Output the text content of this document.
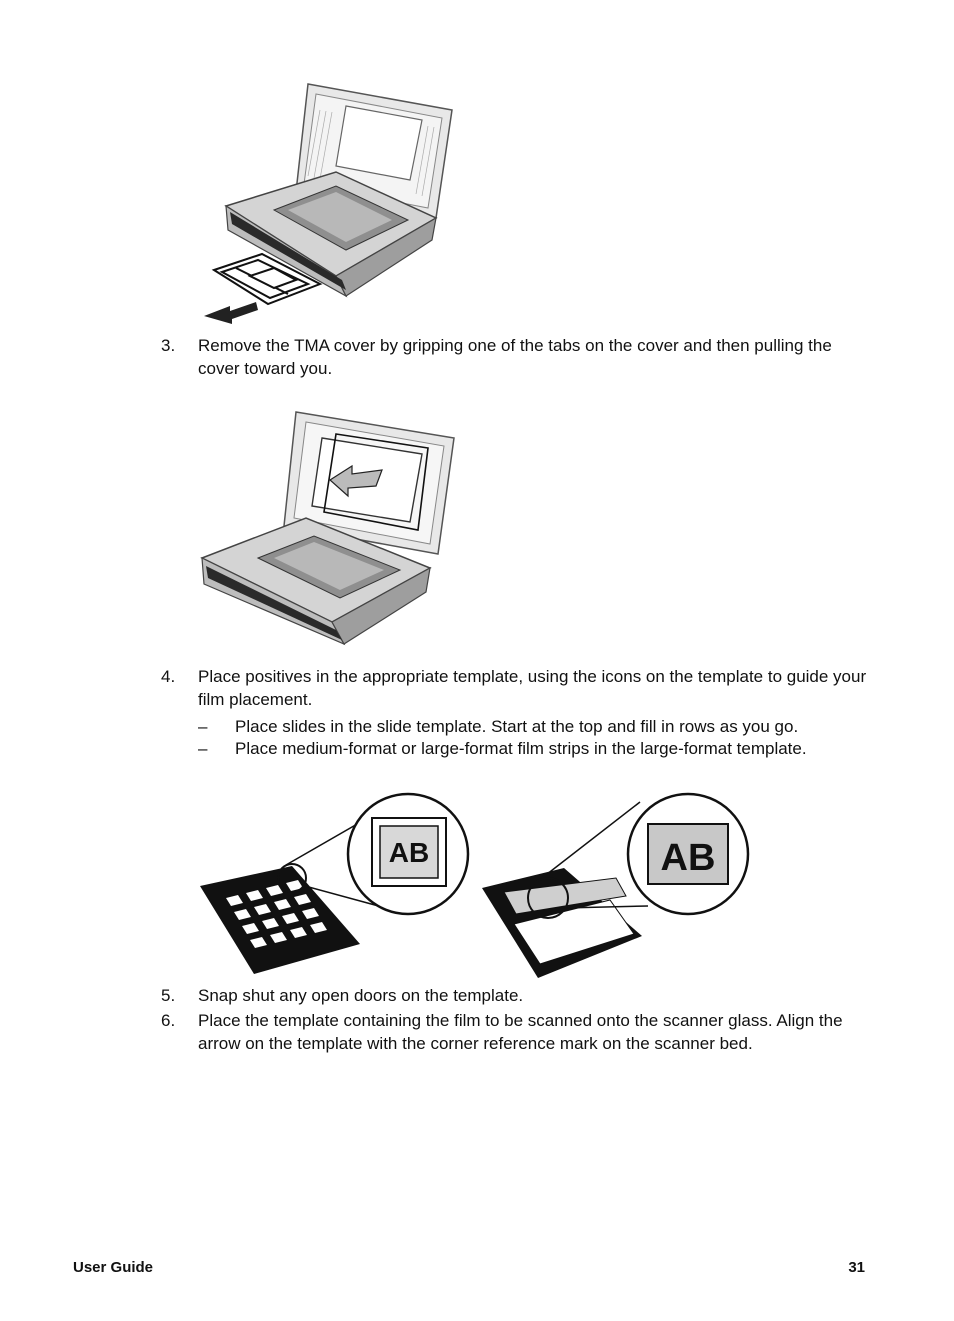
3. Remove the TMA cover by gripping one of the tabs on the cover and then pulling the cover toward you.
4. Place positives in the appropriate template, using the icons on the template to guide your film placement.
– Place slides in the slide template. Start at the top and fill in rows as you go.
– Place medium-format or large-format film strips in the large-format template.
AB	AB
5. Snap shut any open doors on the template.
6. Place the template containing the film to be scanned onto the scanner glass. Align the arrow on the template with the corner reference mark on the scanner bed.
User Guide	31
